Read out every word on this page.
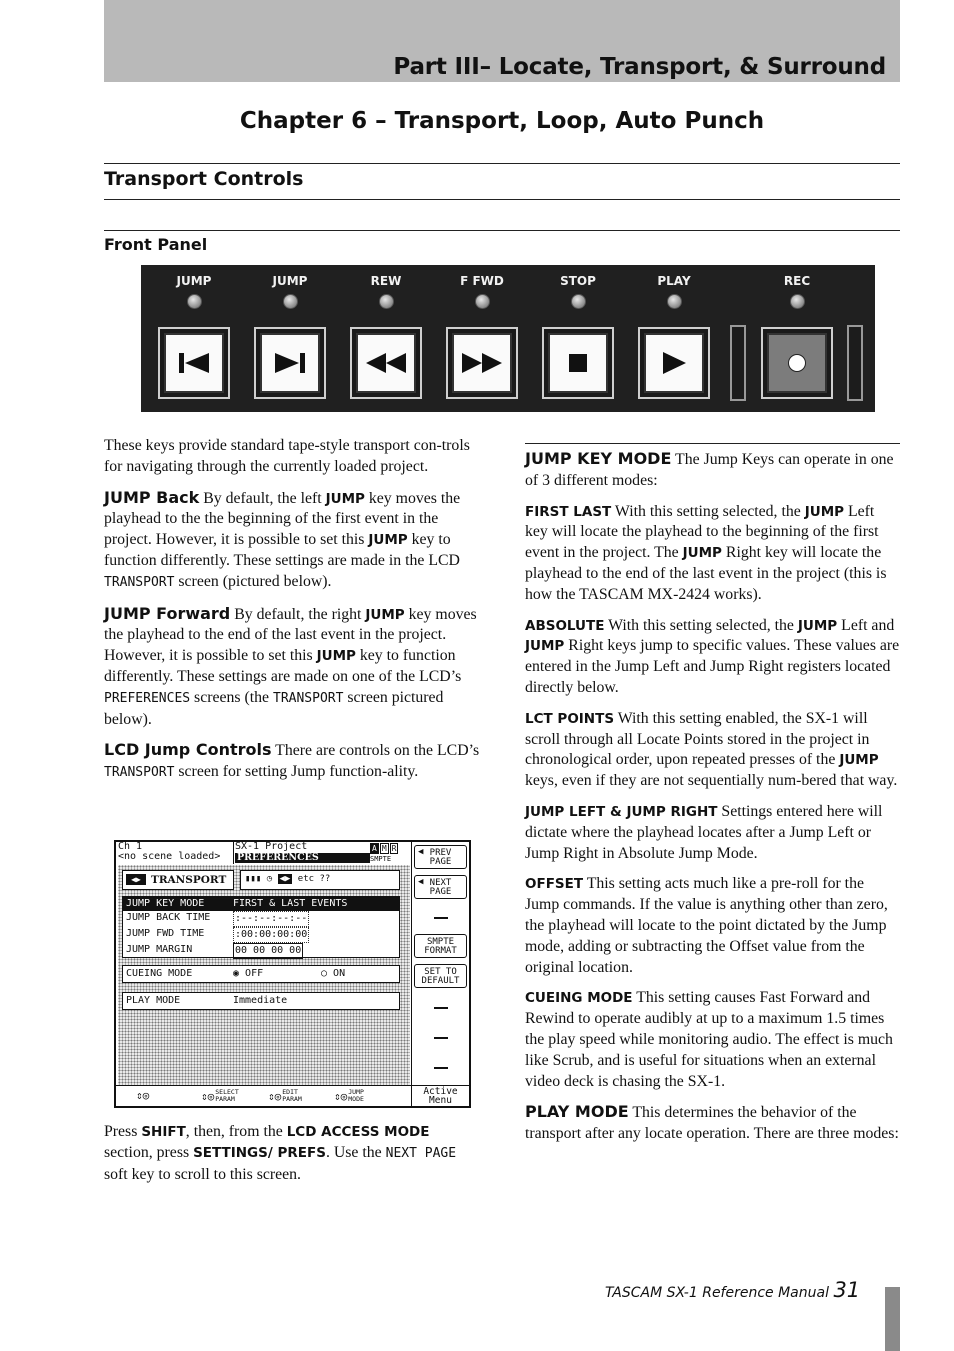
Part III– Locate, Transport, & Surround
Chapter 6 – Transport, Loop, Auto Punch
Transport Controls
Front Panel
JUMP	JUMP	REW	F FWD	STOP	PLAY	REC

These keys provide standard tape-style transport con-trols for navigating through the currently loaded project.

JUMP Back By default, the left JUMP key moves the playhead to the the beginning of the first event in the project. However, it is possible to set this JUMP key to function differently. These settings are made in the LCD TRANSPORT screen (pictured below).

JUMP Forward By default, the right JUMP key moves the playhead to the end of the last event in the project. However, it is possible to set this JUMP key to function differently. These settings are made on one of the LCD’s PREFERENCES screens (the TRANSPORT screen pictured below).

LCD Jump Controls There are controls on the LCD’s TRANSPORT screen for setting Jump function-ality.

Ch 1
<no scene loaded>
SX-1 Project
PREFERENCES
A M R
SMPTE
◀▶ TRANSPORT	▮▮▮ ◷ ◀▶ etc ??
JUMP KEY MODE	FIRST & LAST EVENTS
JUMP BACK TIME	:--:--:--:--
JUMP FWD TIME	:00:00:00:00
JUMP MARGIN	00 00 00 00
CUEING MODE	◉ OFF	○ ON
PLAY MODE	Immediate
◀ PREV
PAGE
◀ NEXT
PAGE
SMPTE
FORMAT
SET TO
DEFAULT
⇕◎	⇕◎ SELECT
PARAM	⇕◎ EDIT
PARAM	⇕◎ JUMP
MODE
Active
Menu

Press SHIFT, then, from the LCD ACCESS MODE section, press SETTINGS/ PREFS. Use the NEXT PAGE soft key to scroll to this screen.

JUMP KEY MODE The Jump Keys can operate in one of 3 different modes:

FIRST LAST With this setting selected, the JUMP Left key will locate the playhead to the beginning of the first event in the project. The JUMP Right key will locate the playhead to the end of the last event in the project (this is how the TASCAM MX-2424 works).

ABSOLUTE With this setting selected, the JUMP Left and JUMP Right keys jump to specific values. These values are entered in the Jump Left and Jump Right registers located directly below.

LCT POINTS With this setting enabled, the SX-1 will scroll through all Locate Points stored in the project in chronological order, upon repeated presses of the JUMP keys, even if they are not sequentially num-bered that way.

JUMP LEFT & JUMP RIGHT Settings entered here will dictate where the playhead locates after a Jump Left or Jump Right in Absolute Jump Mode.

OFFSET This setting acts much like a pre-roll for the Jump commands. If the value is anything other than zero, the playhead will locate to the point dictated by the Jump mode, adding or subtracting the Offset value from the original location.

CUEING MODE This setting causes Fast Forward and Rewind to operate audibly at up to a maximum 1.5 times the play speed while monitoring audio. The effect is much like Scrub, and is useful for situations when an external video deck is chasing the SX-1.

PLAY MODE This determines the behavior of the transport after any locate operation. There are three modes:

TASCAM SX-1 Reference Manual 31
